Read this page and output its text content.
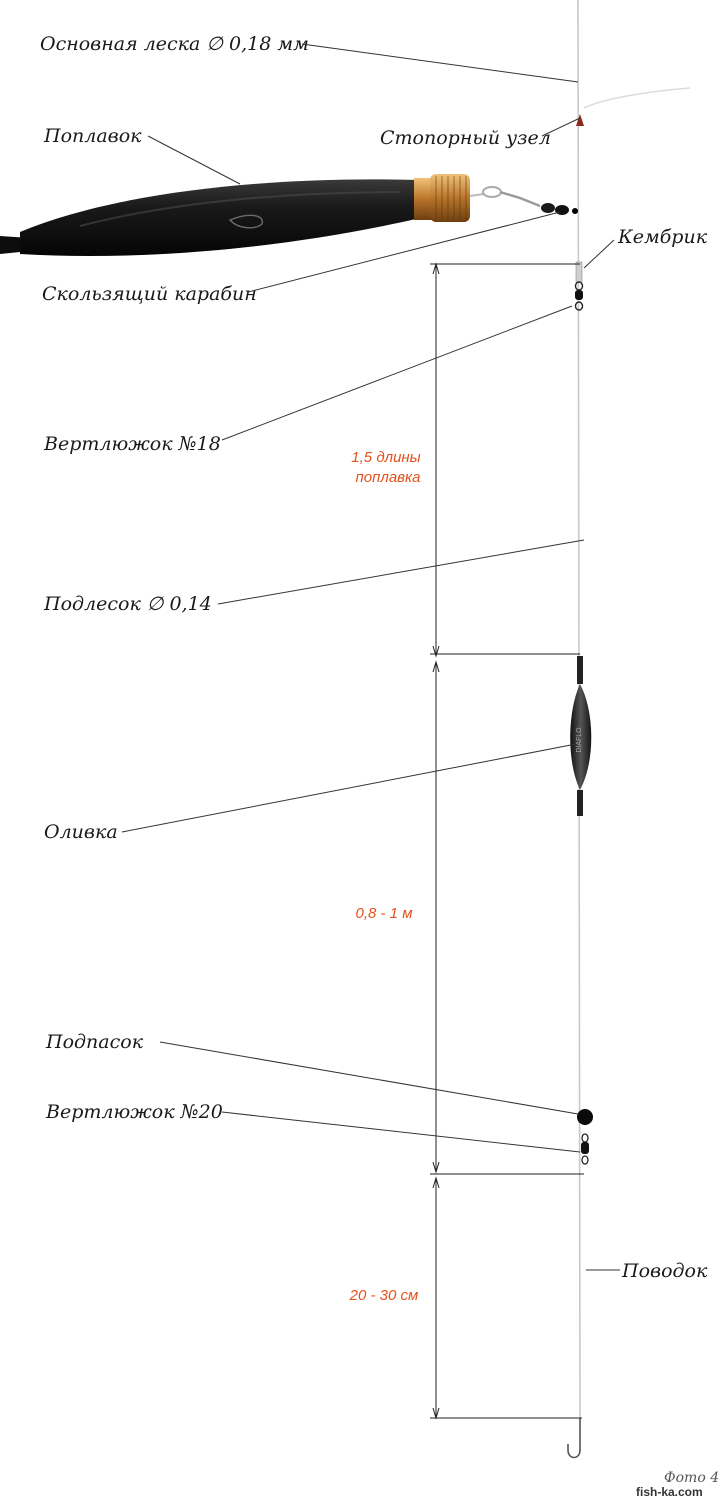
DIAFLO
Основная леска ∅ 0,18 мм
Поплавок	Стопорный узел
Кембрик
Скользящий карабин
Вертлюжок №18
Подлесок ∅ 0,14
Оливка
Подпасок
Вертлюжок №20
Поводок
1,5 длины
поплавка
0,8 - 1 м
20 - 30 см
Фото 4
fish-ka.com
